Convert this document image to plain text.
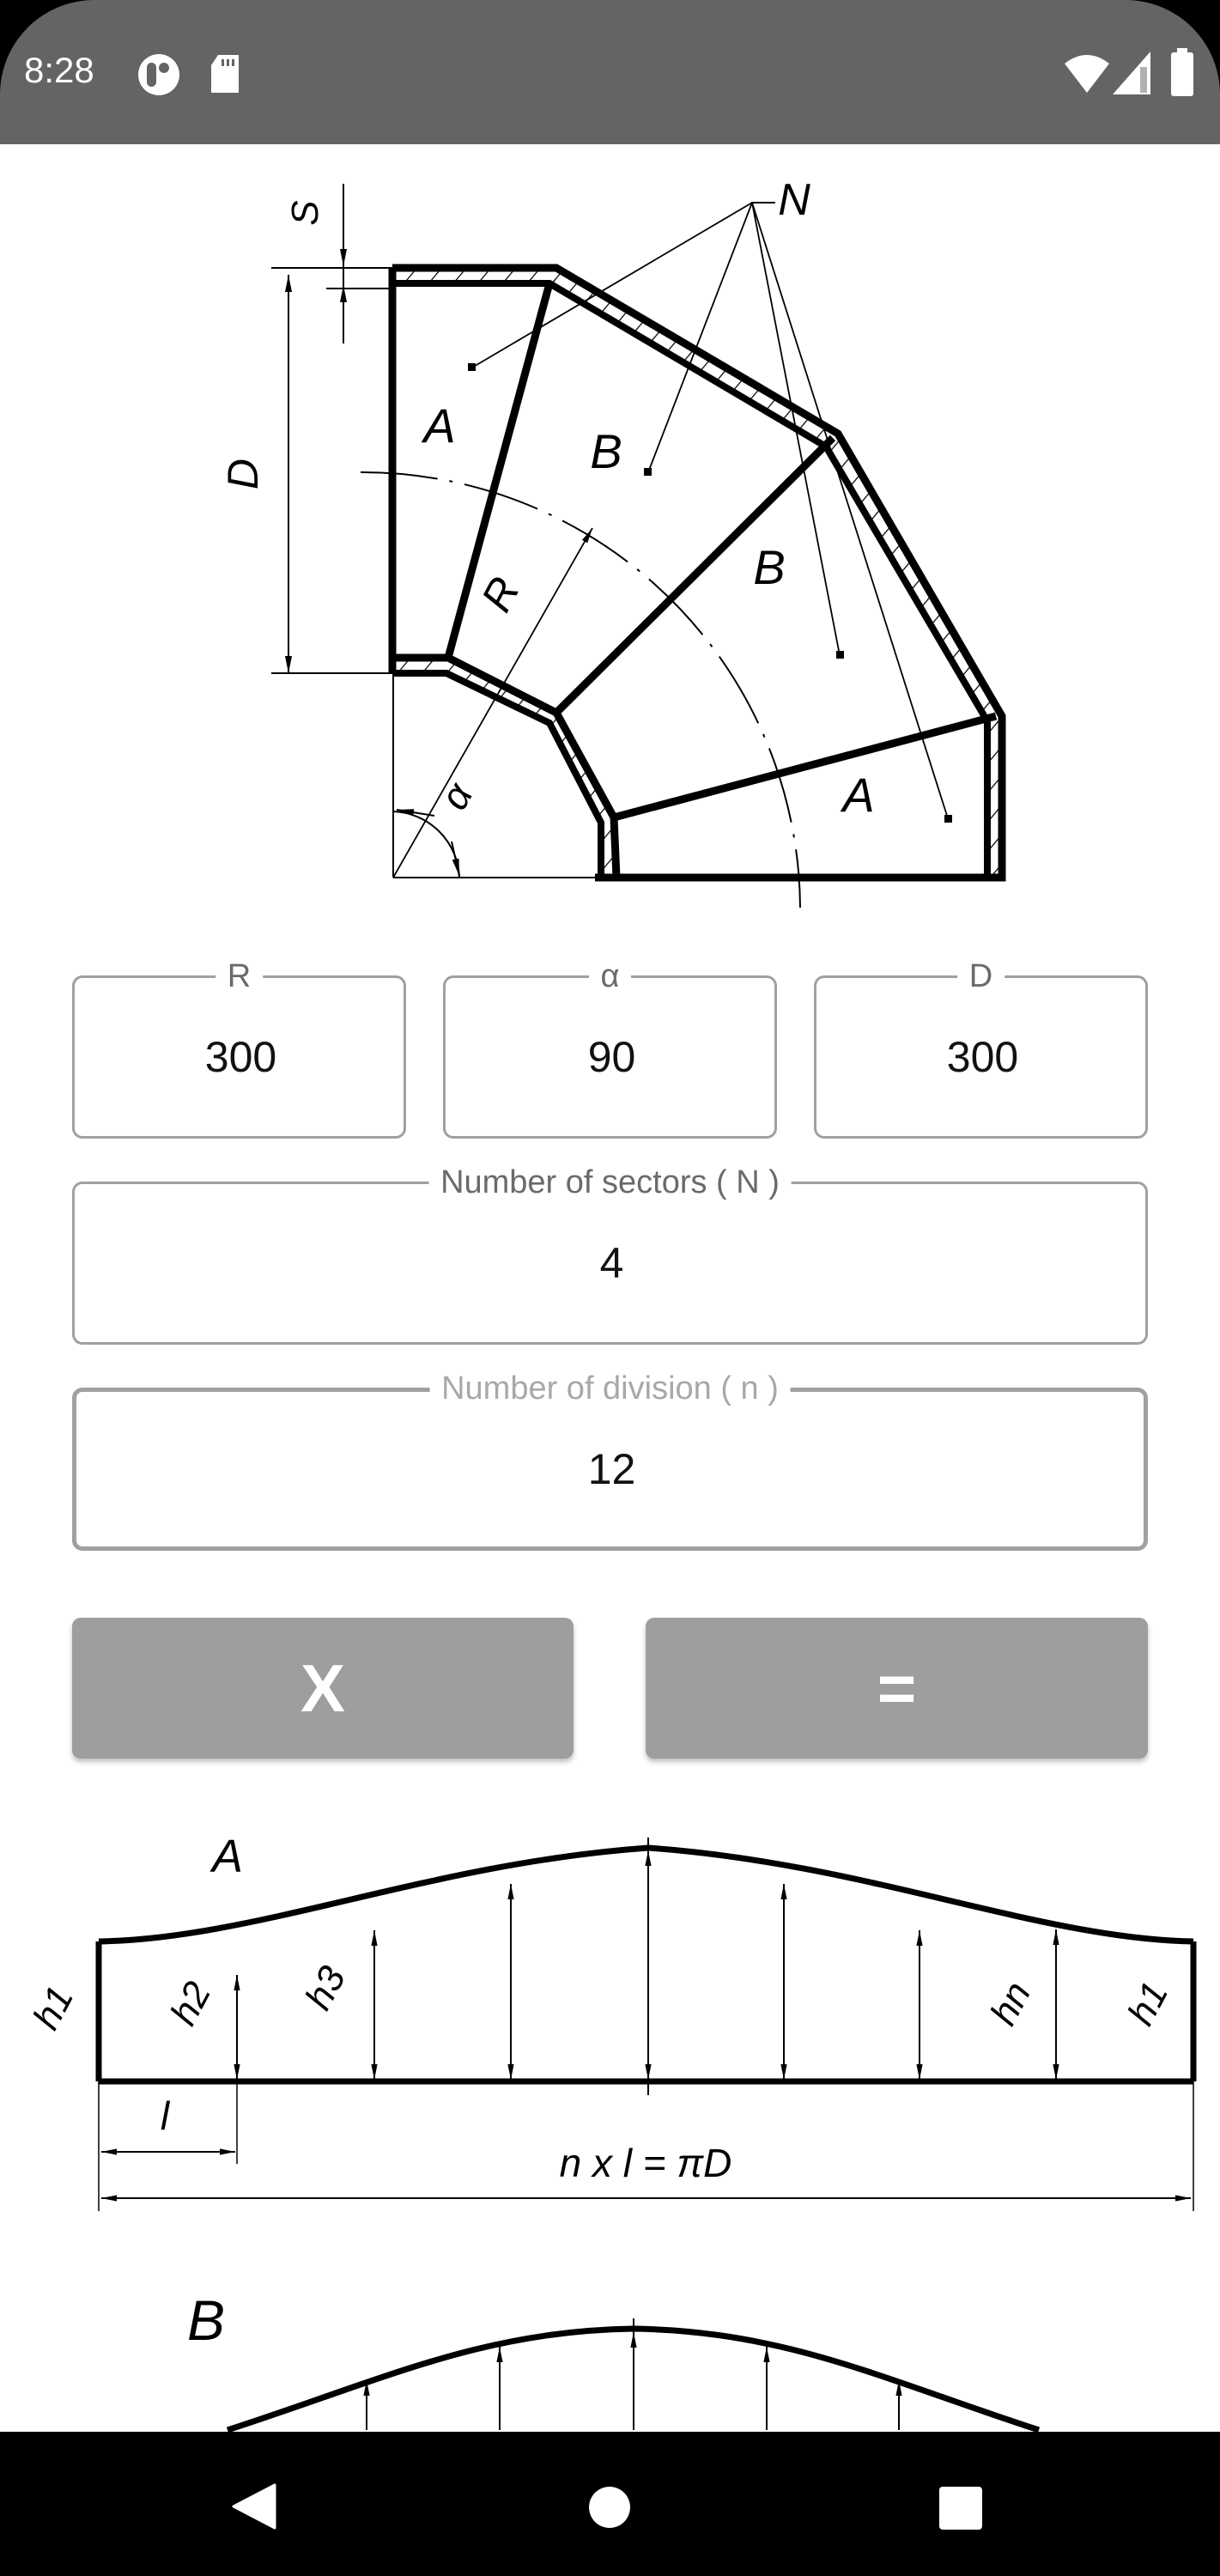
8:28
S
D
N
A	B
B
A
R
α
R
300	α
90	D
300
Number of sectors ( N )
4
Number of division ( n )
12
X	=
A
h1 h2 h3	hn h1
l
n x l = πD
B
